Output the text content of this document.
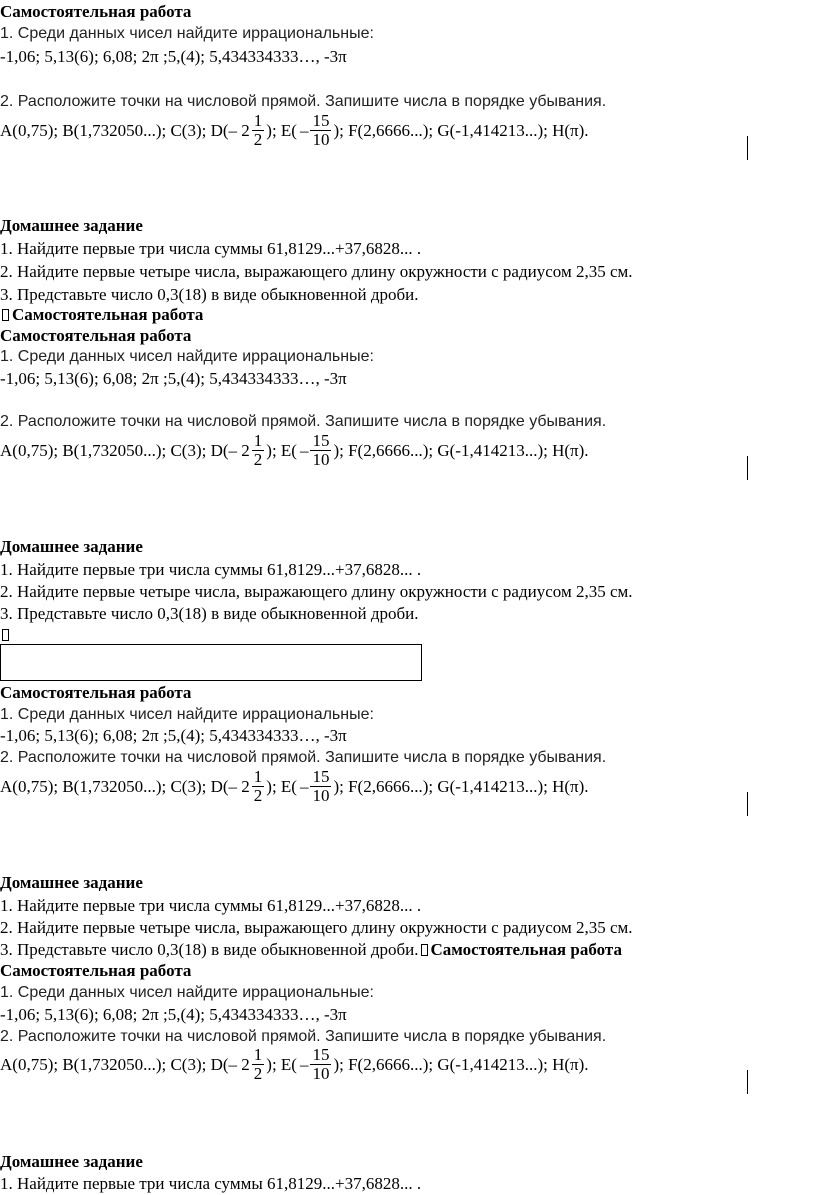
Самостоятельная работа
1. Среди данных чисел найдите иррациональные:
-1,06; 5,13(6); 6,08; 2π ;5,(4); 5,434334333…, -3π
2. Расположите точки на числовой прямой. Запишите числа в порядке убывания.
A(0,75); B(1,732050...); C(3); $D( - 2 \frac{1}{2}$ ); $E( - \frac{15}{10}$ ); F(2,6666...); G(-1,414213...); H(π).
Домашнее задание
1. Найдите первые три числа суммы 61,8129...+37,6828... .
2. Найдите первые четыре числа, выражающего длину окружности с радиусом 2,35 см.
3. Представьте число 0,3(18) в виде обыкновенной дроби.
Самостоятельная работа
Самостоятельная работа
1. Среди данных чисел найдите иррациональные:
-1,06; 5,13(6); 6,08; 2π ;5,(4); 5,434334333…, -3π
2. Расположите точки на числовой прямой. Запишите числа в порядке убывания.
A(0,75); B(1,732050...); C(3); $D( - 2 \frac{1}{2}$ ); $E( - \frac{15}{10}$ ); F(2,6666...); G(-1,414213...); H(π).
Домашнее задание
1. Найдите первые три числа суммы 61,8129...+37,6828... .
2. Найдите первые четыре числа, выражающего длину окружности с радиусом 2,35 см.
3. Представьте число 0,3(18) в виде обыкновенной дроби.
Самостоятельная работа
1. Среди данных чисел найдите иррациональные:
-1,06; 5,13(6); 6,08; 2π ;5,(4); 5,434334333…, -3π
2. Расположите точки на числовой прямой. Запишите числа в порядке убывания.
A(0,75); B(1,732050...); C(3); $D( - 2 \frac{1}{2}$ ); $E( - \frac{15}{10}$ ); F(2,6666...); G(-1,414213...); H(π).
Домашнее задание
1. Найдите первые три числа суммы 61,8129...+37,6828... .
2. Найдите первые четыре числа, выражающего длину окружности с радиусом 2,35 см.
3. Представьте число 0,3(18) в виде обыкновенной дроби. Самостоятельная работа
Самостоятельная работа
1. Среди данных чисел найдите иррациональные:
-1,06; 5,13(6); 6,08; 2π ;5,(4); 5,434334333…, -3π
2. Расположите точки на числовой прямой. Запишите числа в порядке убывания.
A(0,75); B(1,732050...); C(3); $D( - 2 \frac{1}{2}$ ); $E( - \frac{15}{10}$ ); F(2,6666...); G(-1,414213...); H(π).
Домашнее задание
1. Найдите первые три числа суммы 61,8129...+37,6828... .
